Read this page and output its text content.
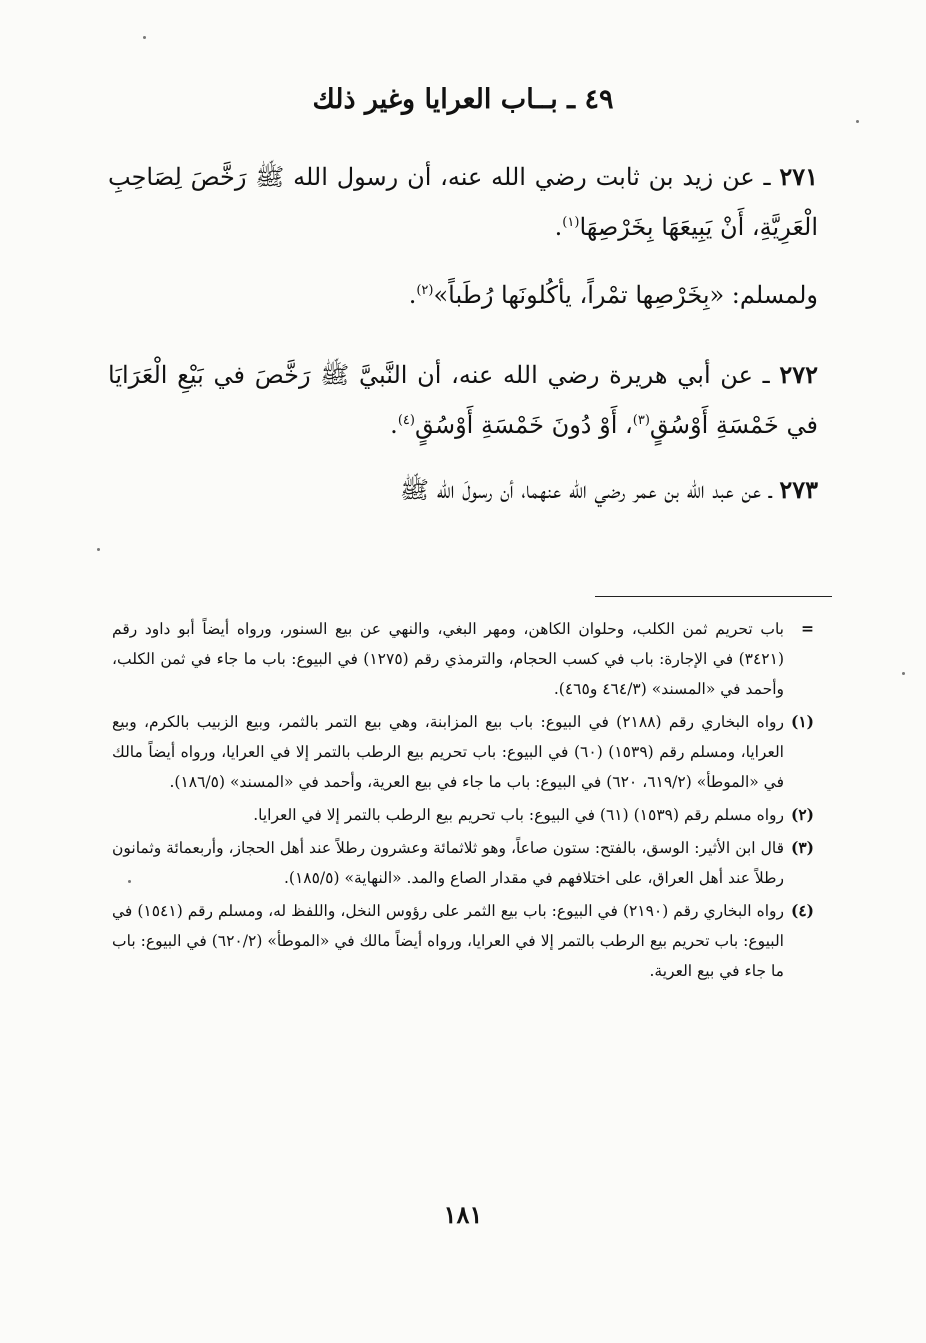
٤٩ ـ بــاب العرايا وغير ذلك

٢٧١ ـ عن زيد بن ثابت رضي الله عنه، أن رسول الله ﷺ رَخَّصَ لِصَاحِبِ الْعَرِيَّةِ، أَنْ يَبِيعَهَا بِخَرْصِهَا$^{(١)}$.

ولمسلم: «بِخَرْصِها تمْراً، يأكُلونَها رُطَباً»$^{(٢)}$.

٢٧٢ ـ عن أبي هريرة رضي الله عنه، أن النَّبيَّ ﷺ رَخَّصَ في بَيْعِ الْعَرَايَا في خَمْسَةِ أَوْسُقٍ$^{(٣)}$، أَوْ دُونَ خَمْسَةِ أَوْسُقٍ$^{(٤)}$.

٢٧٣ ـ عن عبد الله بن عمر رضي الله عنهما، أن رسولَ الله ﷺ

=
باب تحريم ثمن الكلب، وحلوان الكاهن، ومهر البغي، والنهي عن بيع السنور، ورواه أيضاً أبو داود رقم (٣٤٢١) في الإجارة: باب في كسب الحجام، والترمذي رقم (١٢٧٥) في البيوع: باب ما جاء في ثمن الكلب، وأحمد في «المسند» (٤٦٤/٣ و٤٦٥).

(١)
رواه البخاري رقم (٢١٨٨) في البيوع: باب بيع المزابنة، وهي بيع التمر بالثمر، وبيع الزبيب بالكرم، وبيع العرايا، ومسلم رقم (١٥٣٩) (٦٠) في البيوع: باب تحريم بيع الرطب بالتمر إلا في العرايا، ورواه أيضاً مالك في «الموطأ» (٦١٩/٢، ٦٢٠) في البيوع: باب ما جاء في بيع العرية، وأحمد في «المسند» (١٨٦/٥).

(٢)
رواه مسلم رقم (١٥٣٩) (٦١) في البيوع: باب تحريم بيع الرطب بالتمر إلا في العرايا.

(٣)
قال ابن الأثير: الوسق، بالفتح: ستون صاعاً، وهو ثلاثمائة وعشرون رطلاً عند أهل الحجاز، وأربعمائة وثمانون رطلاً عند أهل العراق، على اختلافهم في مقدار الصاع والمد. «النهاية» (١٨٥/٥).

(٤)
رواه البخاري رقم (٢١٩٠) في البيوع: باب بيع الثمر على رؤوس النخل، واللفظ له، ومسلم رقم (١٥٤١) في البيوع: باب تحريم بيع الرطب بالتمر إلا في العرايا، ورواه أيضاً مالك في «الموطأ» (٦٢٠/٢) في البيوع: باب ما جاء في بيع العرية.

١٨١
